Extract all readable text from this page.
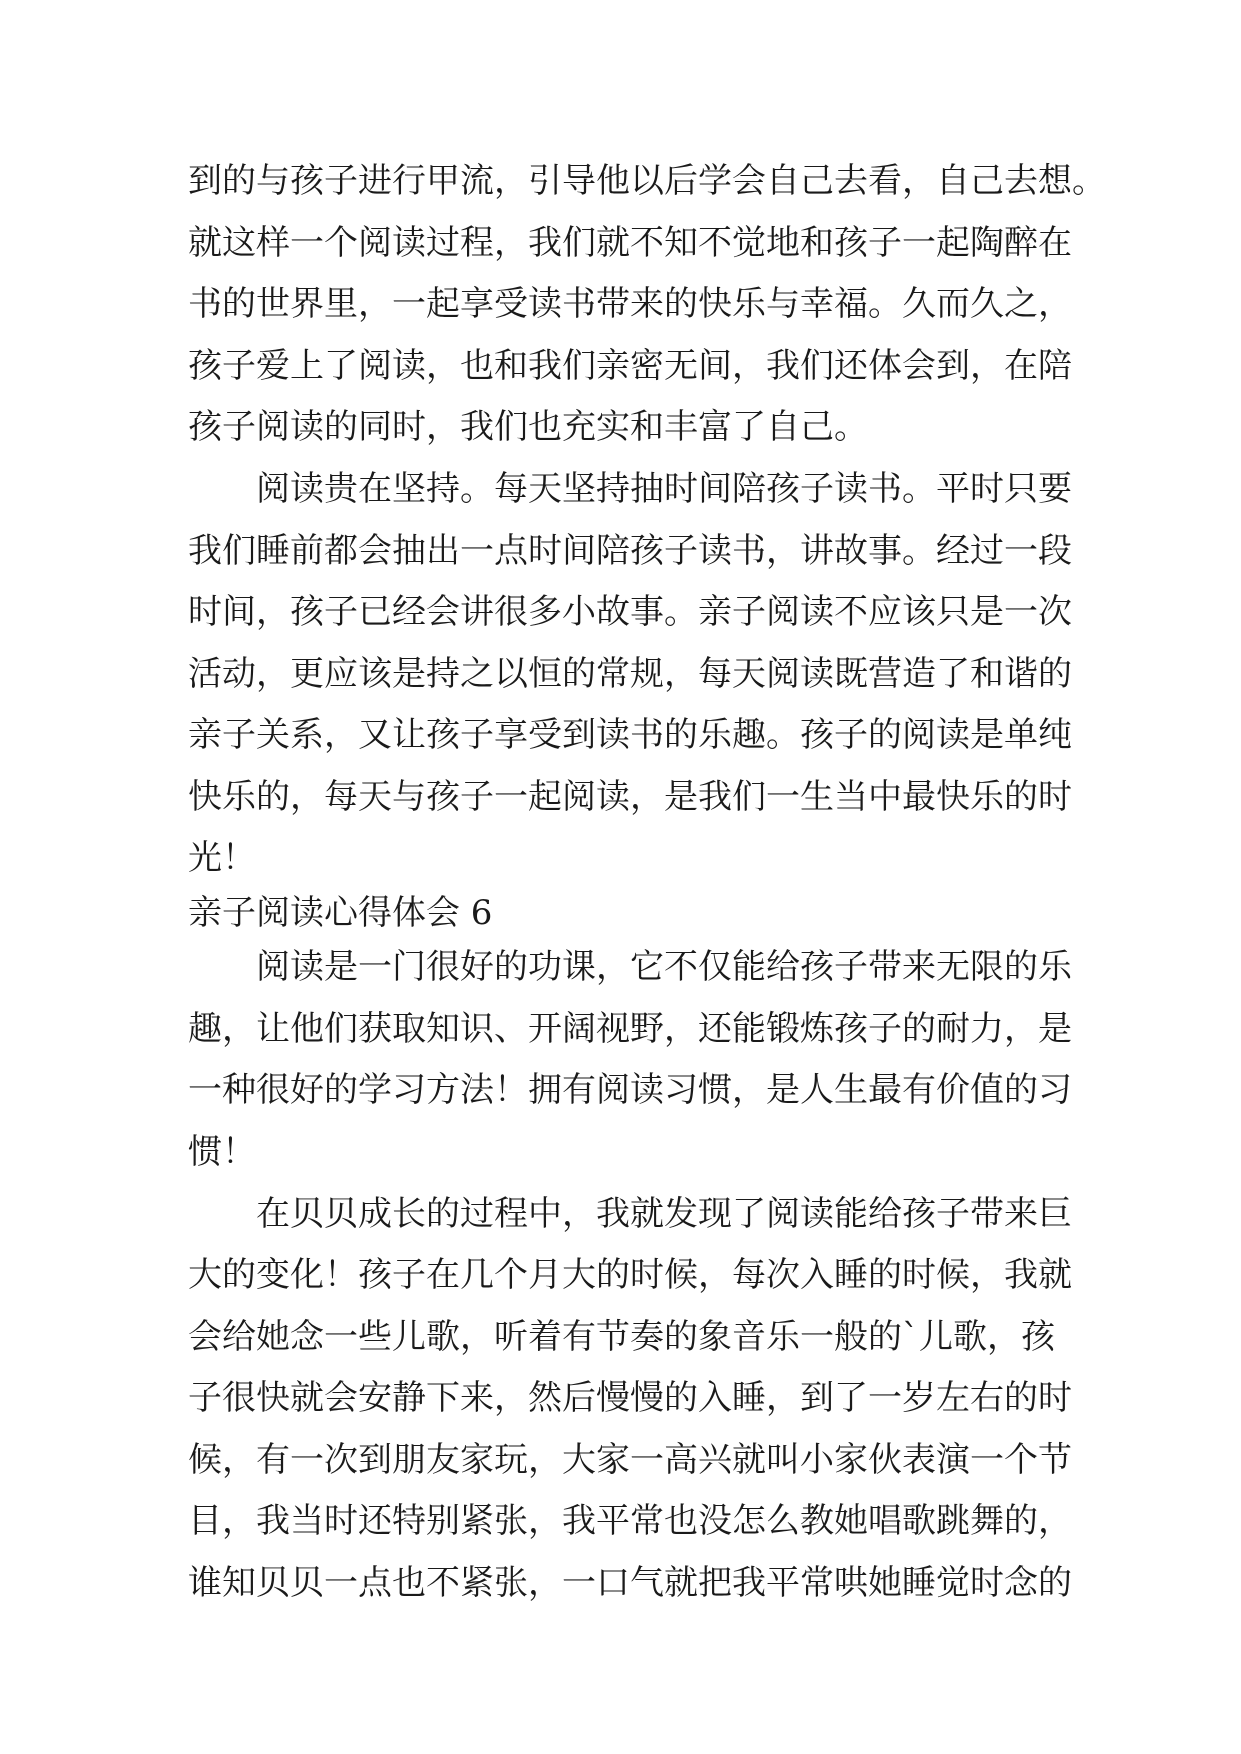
到的与孩子进行甲流，引导他以后学会自己去看，自己去想。
就这样一个阅读过程，我们就不知不觉地和孩子一起陶醉在
书的世界里，一起享受读书带来的快乐与幸福。久而久之，
孩子爱上了阅读，也和我们亲密无间，我们还体会到，在陪
孩子阅读的同时，我们也充实和丰富了自己。
阅读贵在坚持。每天坚持抽时间陪孩子读书。平时只要
我们睡前都会抽出一点时间陪孩子读书，讲故事。经过一段
时间，孩子已经会讲很多小故事。亲子阅读不应该只是一次
活动，更应该是持之以恒的常规，每天阅读既营造了和谐的
亲子关系，又让孩子享受到读书的乐趣。孩子的阅读是单纯
快乐的，每天与孩子一起阅读，是我们一生当中最快乐的时
光！
亲子阅读心得体会 6
阅读是一门很好的功课，它不仅能给孩子带来无限的乐
趣，让他们获取知识、开阔视野，还能锻炼孩子的耐力，是
一种很好的学习方法！拥有阅读习惯，是人生最有价值的习
惯！
在贝贝成长的过程中，我就发现了阅读能给孩子带来巨
大的变化！孩子在几个月大的时候，每次入睡的时候，我就
会给她念一些儿歌，听着有节奏的象音乐一般的`儿歌，孩
子很快就会安静下来，然后慢慢的入睡，到了一岁左右的时
候，有一次到朋友家玩，大家一高兴就叫小家伙表演一个节
目，我当时还特别紧张，我平常也没怎么教她唱歌跳舞的，
谁知贝贝一点也不紧张，一口气就把我平常哄她睡觉时念的
